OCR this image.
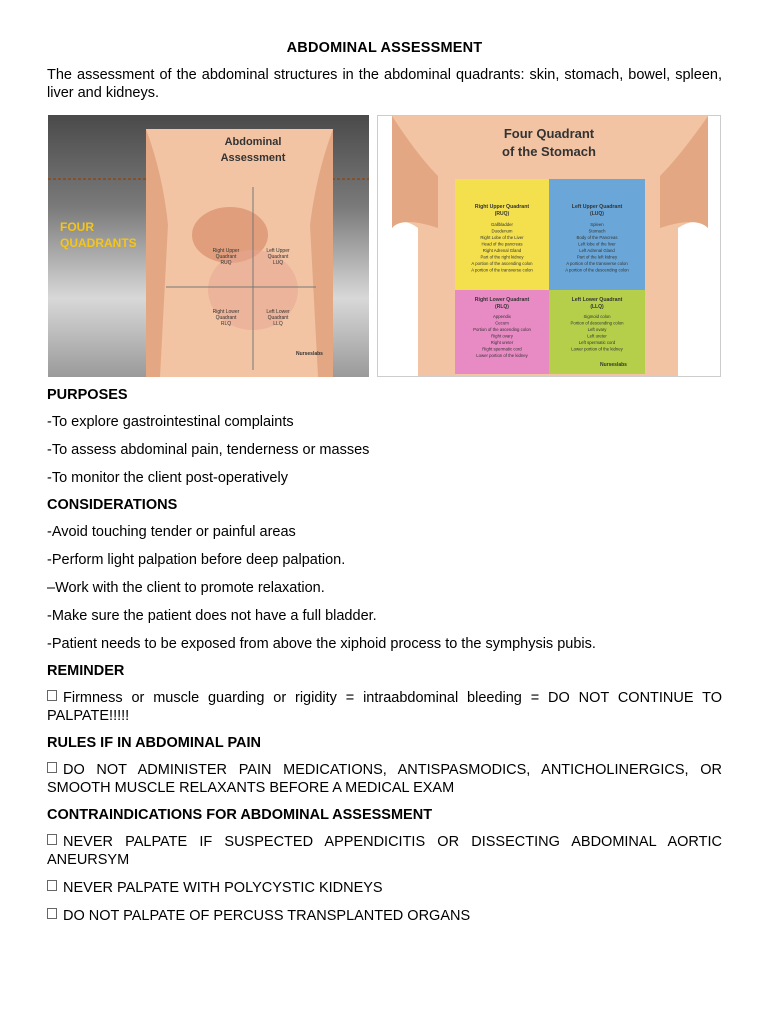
ABDOMINAL ASSESSMENT

The assessment of the abdominal structures in the abdominal quadrants: skin, stomach, bowel, spleen, liver and kidneys.

Abdominal
Assessment
FOUR
QUADRANTS
Right Upper
Quadrant
RUQ
Left Upper
Quadrant
LUQ
Right Lower
Quadrant
RLQ
Left Lower
Quadrant
LLQ
Nurseslabs
Four Quadrant
of the Stomach
Right Upper Quadrant
(RUQ)
Gallbladder
Duodenum
Right Lobe of the Liver
Head of the pancreas
Right Adrenal Gland
Part of the right kidney
A portion of the ascending colon
A portion of the transverse colon
Left Upper Quadrant
(LUQ)
Spleen
Stomach
Body of the Pancreas
Left lobe of the liver
Left Adrenal Gland
Part of the left kidney
A portion of the transverse colon
A portion of the descending colon
Right Lower Quadrant
(RLQ)
Appendix
Cecum
Portion of the ascending colon
Right ovary
Right ureter
Right spermatic cord
Lower portion of the kidney
Left Lower Quadrant
(LLQ)
Sigmoid colon
Portion of descending colon
Left ovary
Left ureter
Left spermatic cord
Lower portion of the kidney
Nurseslabs

PURPOSES

-To explore gastrointestinal complaints

-To assess abdominal pain, tenderness or masses

-To monitor the client post-operatively

CONSIDERATIONS

-Avoid touching tender or painful areas

-Perform light palpation before deep palpation.

–Work with the client to promote relaxation.

-Make sure the patient does not have a full bladder.

-Patient needs to be exposed from above the xiphoid process to the symphysis pubis.

REMINDER

Firmness or muscle guarding or rigidity = intraabdominal bleeding = DO NOT CONTINUE TO PALPATE!!!!!

RULES IF IN ABDOMINAL PAIN

DO NOT ADMINISTER PAIN MEDICATIONS, ANTISPASMODICS, ANTICHOLINERGICS, OR SMOOTH MUSCLE RELAXANTS BEFORE A MEDICAL EXAM

CONTRAINDICATIONS FOR ABDOMINAL ASSESSMENT

NEVER PALPATE IF SUSPECTED APPENDICITIS OR DISSECTING ABDOMINAL AORTIC ANEURSYM

NEVER PALPATE WITH POLYCYSTIC KIDNEYS

DO NOT PALPATE OF PERCUSS TRANSPLANTED ORGANS
